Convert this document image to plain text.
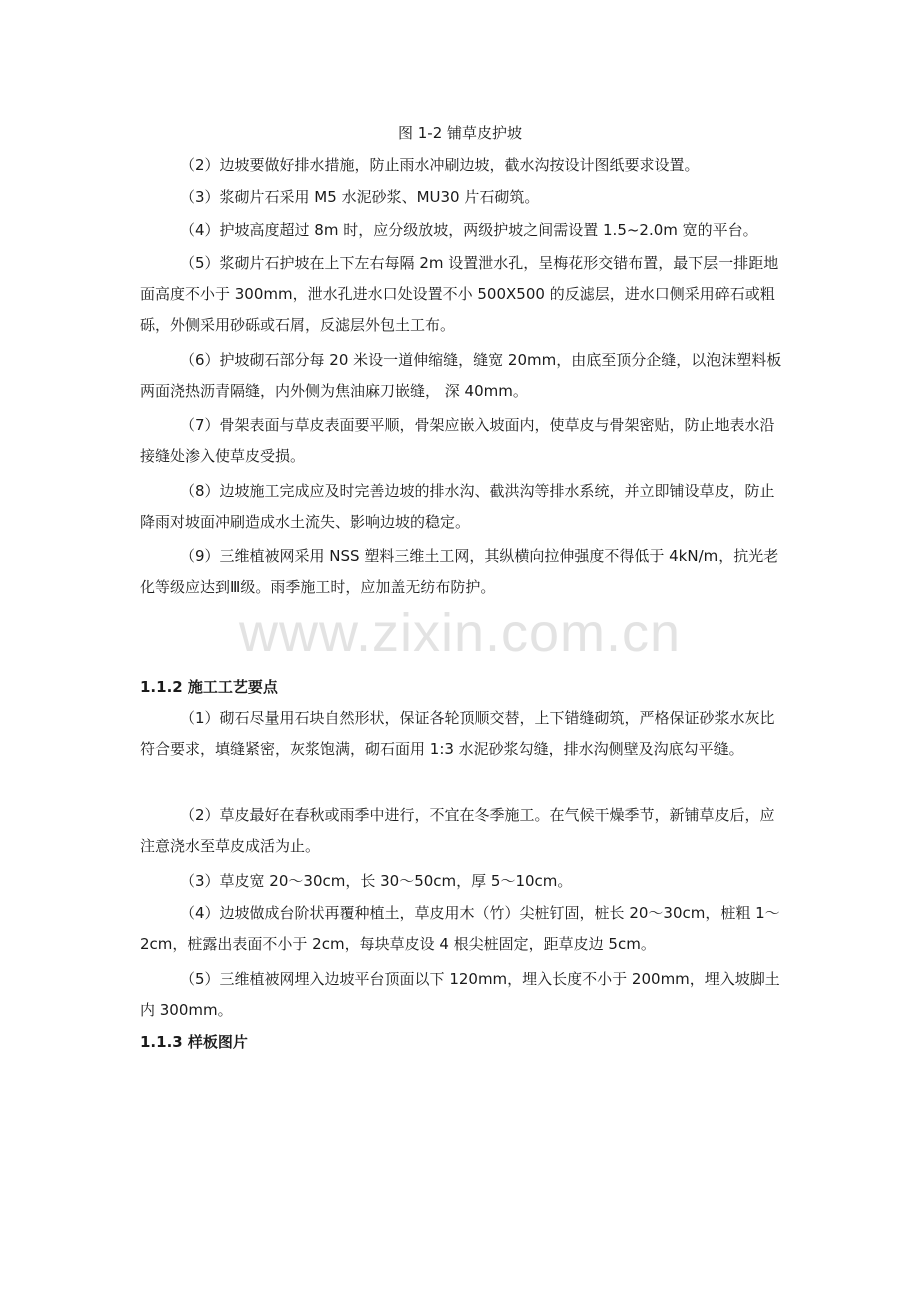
图 1-2 铺草皮护坡

（2）边坡要做好排水措施，防止雨水冲刷边坡，截水沟按设计图纸要求设置。

（3）浆砌片石采用 M5 水泥砂浆、MU30 片石砌筑。

（4）护坡高度超过 8m 时，应分级放坡，两级护坡之间需设置 1.5~2.0m 宽的平台。

（5）浆砌片石护坡在上下左右每隔 2m 设置泄水孔，呈梅花形交错布置，最下层一排距地面高度不小于 300mm，泄水孔进水口处设置不小 500X500 的反滤层，进水口侧采用碎石或粗砾，外侧采用砂砾或石屑，反滤层外包土工布。

（6）护坡砌石部分每 20 米设一道伸缩缝，缝宽 20mm，由底至顶分企缝，以泡沫塑料板两面浇热沥青隔缝，内外侧为焦油麻刀嵌缝， 深 40mm。

（7）骨架表面与草皮表面要平顺，骨架应嵌入坡面内，使草皮与骨架密贴，防止地表水沿接缝处渗入使草皮受损。

（8）边坡施工完成应及时完善边坡的排水沟、截洪沟等排水系统，并立即铺设草皮，防止降雨对坡面冲刷造成水土流失、影响边坡的稳定。

（9）三维植被网采用 NSS 塑料三维土工网，其纵横向拉伸强度不得低于 4kN/m，抗光老化等级应达到Ⅲ级。雨季施工时，应加盖无纺布防护。

www.zixin.com.cn
1.1.2 施工工艺要点

（1）砌石尽量用石块自然形状，保证各轮顶顺交替，上下错缝砌筑，严格保证砂浆水灰比符合要求，填缝紧密，灰浆饱满，砌石面用 1:3 水泥砂浆勾缝，排水沟侧壁及沟底勾平缝。

（2）草皮最好在春秋或雨季中进行，不宜在冬季施工。在气候干燥季节，新铺草皮后，应注意浇水至草皮成活为止。

（3）草皮宽 20～30cm，长 30～50cm，厚 5～10cm。

（4）边坡做成台阶状再覆种植土，草皮用木（竹）尖桩钉固，桩长 20～30cm，桩粗 1～2cm，桩露出表面不小于 2cm，每块草皮设 4 根尖桩固定，距草皮边 5cm。

（5）三维植被网埋入边坡平台顶面以下 120mm，埋入长度不小于 200mm，埋入坡脚土内 300mm。

1.1.3 样板图片
